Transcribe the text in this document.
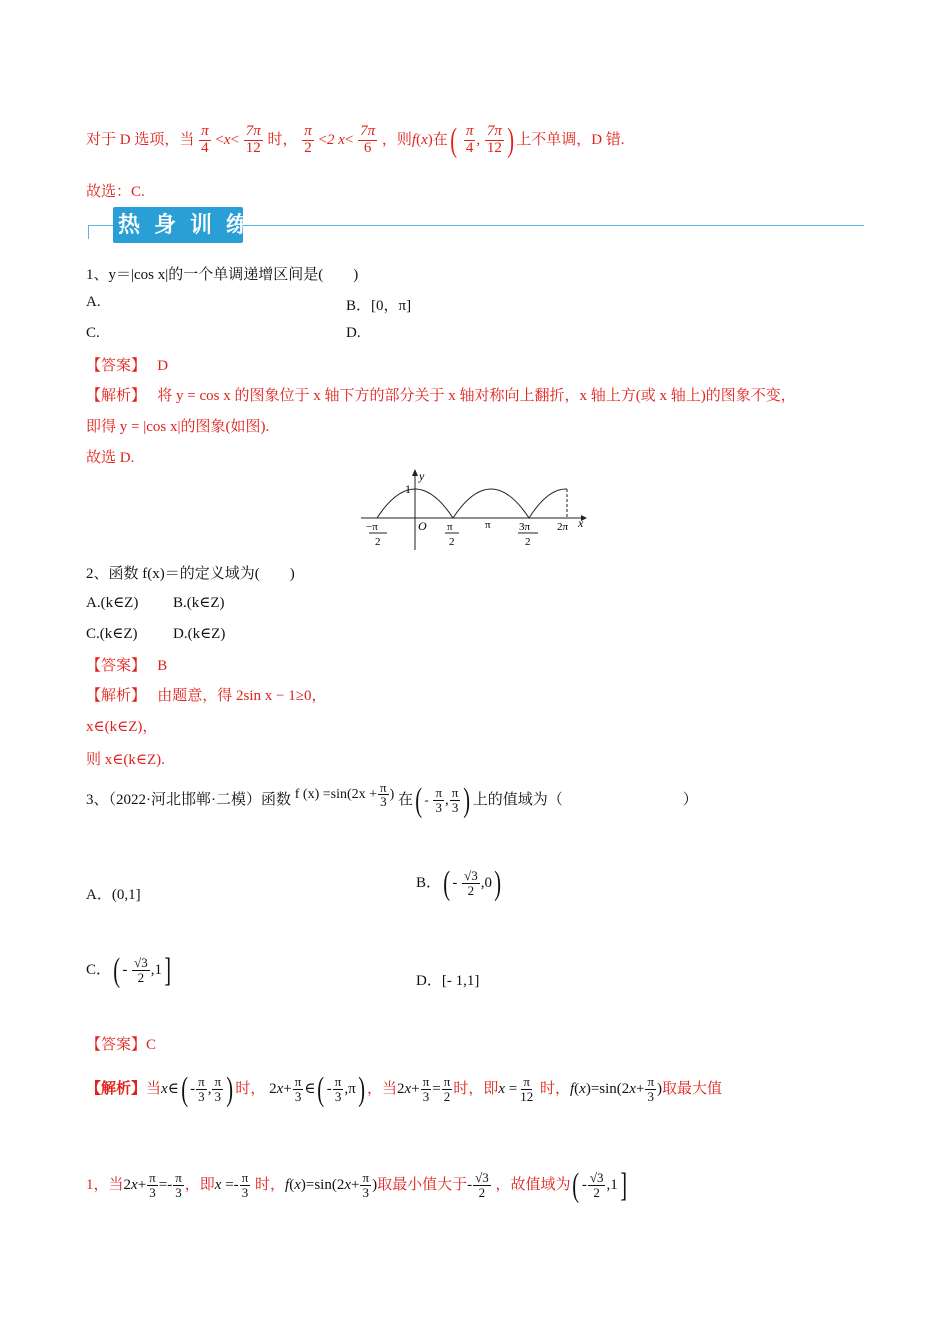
对于 D 选项，当 $\frac{\pi}{4} <x< \frac{7\pi}{12}$ 时， $\frac{\pi}{2} <2$ $x< \frac{7\pi}{6}$ ，则f(x)在( $\frac{\pi}{4}$ , $\frac{7\pi}{12}$ ) 上不单调，D 错.
故选：C.
热身训练
1、y＝|cos x|的一个单调递增区间是(　　)
A.	B．[0，π]
C.	D.
【答案】 D
【解析】 将 y = cos x 的图象位于 x 轴下方的部分关于 x 轴对称向上翻折，x 轴上方(或 x 轴上)的图象不变，
即得 y = |cos x|的图象(如图).
故选 D.
y
x
1
O
−π
2
π
2
π	3π
2
2π
2、函数 f(x)＝的定义域为(　　)
A.(k∈Z) B.(k∈Z)
C.(k∈Z) D.(k∈Z)
【答案】 B
【解析】 由题意，得 2sin x − 1≥0，
x∈(k∈Z)，
则 x∈(k∈Z).
3、（2022·河北邯郸·二模）函数 f $(x) =\sin(2x + \frac{\pi}{3}$ ) 在( - $\frac{\pi}{3}$ , $\frac{\pi}{3}$ ) 上的值域为（　　　　　　　　）
A．(0,1]
B．( - $\frac{√3}{2} ,0$)
C．( - $\frac{√3}{2} ,1$]	D．[- 1,1]
【答案】C
【解析】当x∈( - $\frac{\pi}{3}$ , $\frac{\pi}{3}$ ) 时， $2x+ \frac{\pi}{3}$ ∈( - $\frac{\pi}{3} ,\pi$) ，当$2x+ \frac{\pi}{3} = \frac{\pi}{2}$ 时，即$x = \frac{\pi}{12}$ 时，$f(x)=\sin(2x+ \frac{\pi}{3}$ )取最大值
1，当$2x+ \frac{\pi}{3} =- \frac{\pi}{3}$ ，即$x =- \frac{\pi}{3}$ 时，$f(x)=\sin(2x+ \frac{\pi}{3}$ )取最小值大于- $\frac{√3}{2}$ ，故值域为( - $\frac{√3}{2} ,1$]
